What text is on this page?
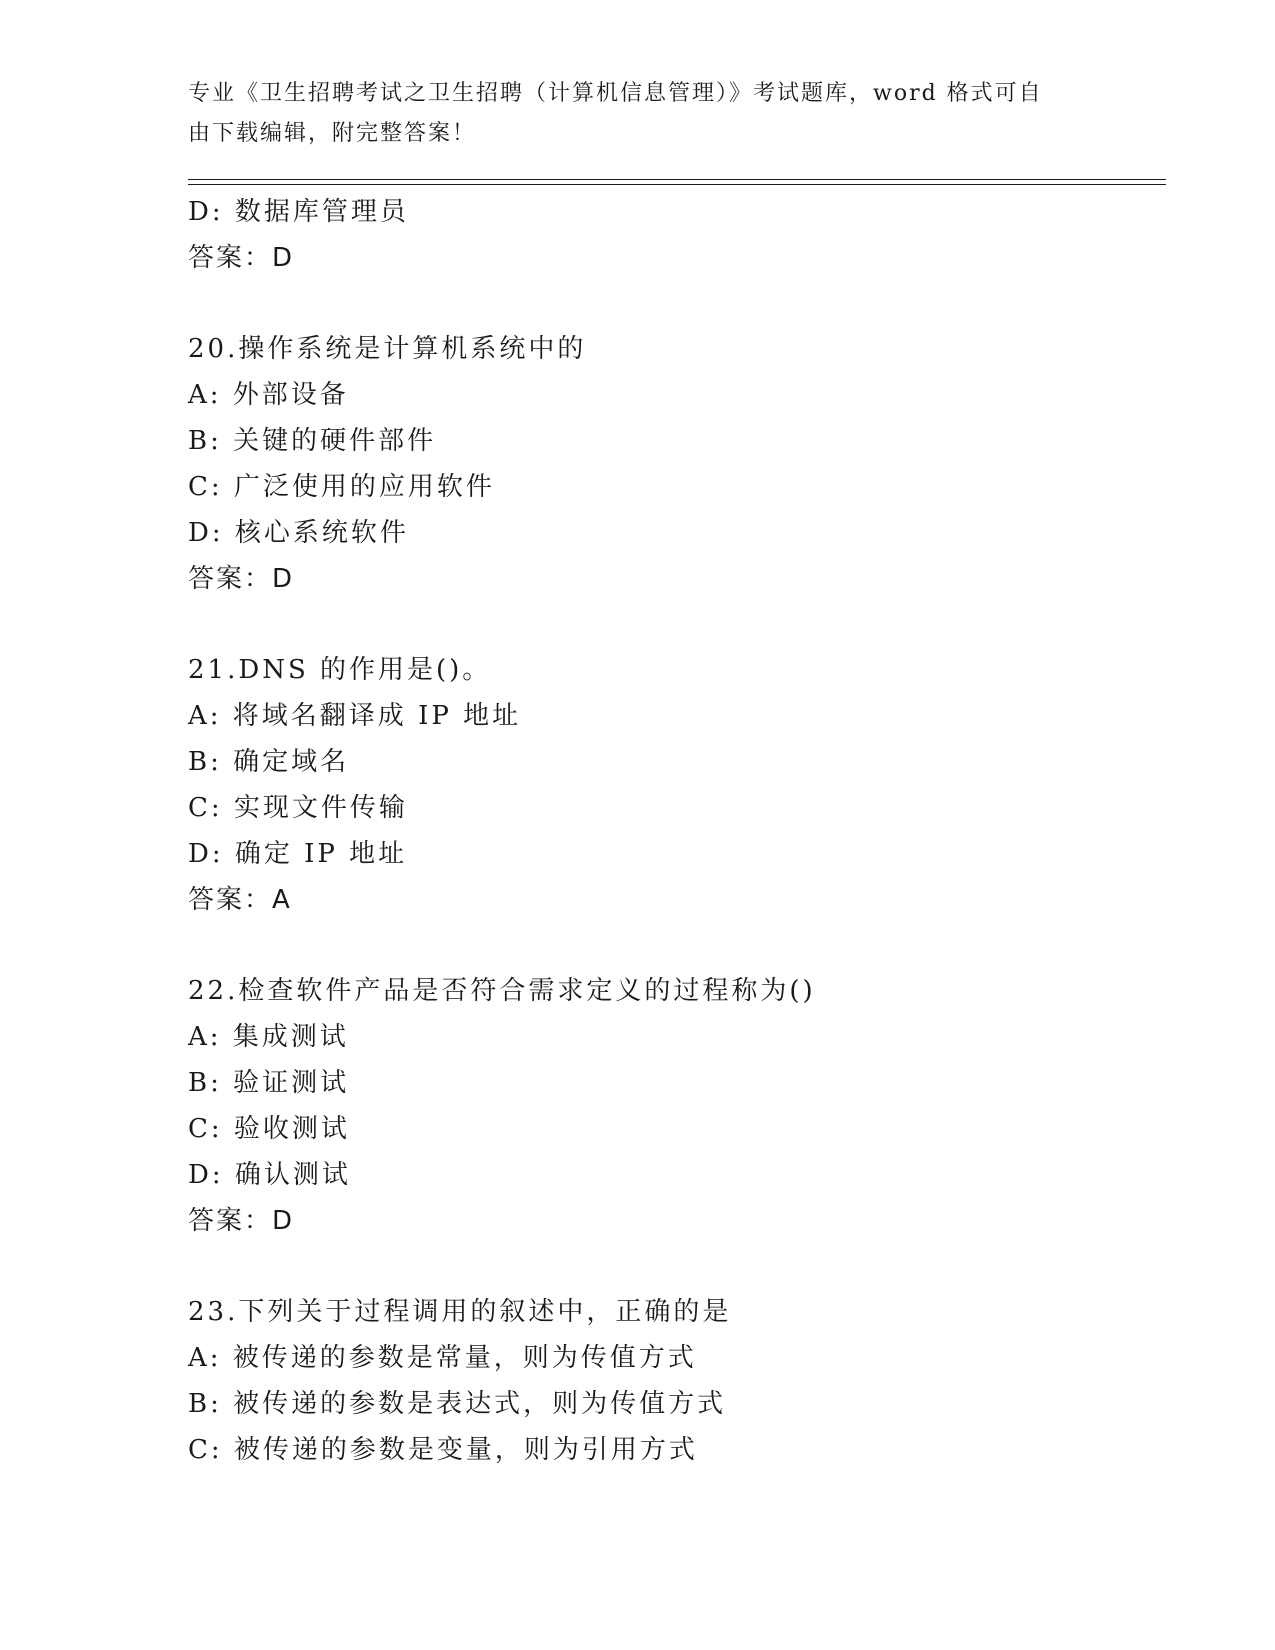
专业《卫生招聘考试之卫生招聘（计算机信息管理）》考试题库，word 格式可自
由下载编辑，附完整答案！
D: 数据库管理员
答案：D
20.操作系统是计算机系统中的
A: 外部设备
B: 关键的硬件部件
C: 广泛使用的应用软件
D: 核心系统软件
答案：D
21.DNS 的作用是()。
A: 将域名翻译成 IP 地址
B: 确定域名
C: 实现文件传输
D: 确定 IP 地址
答案：A
22.检查软件产品是否符合需求定义的过程称为()
A: 集成测试
B: 验证测试
C: 验收测试
D: 确认测试
答案：D
23.下列关于过程调用的叙述中，正确的是
A: 被传递的参数是常量，则为传值方式
B: 被传递的参数是表达式，则为传值方式
C: 被传递的参数是变量，则为引用方式
